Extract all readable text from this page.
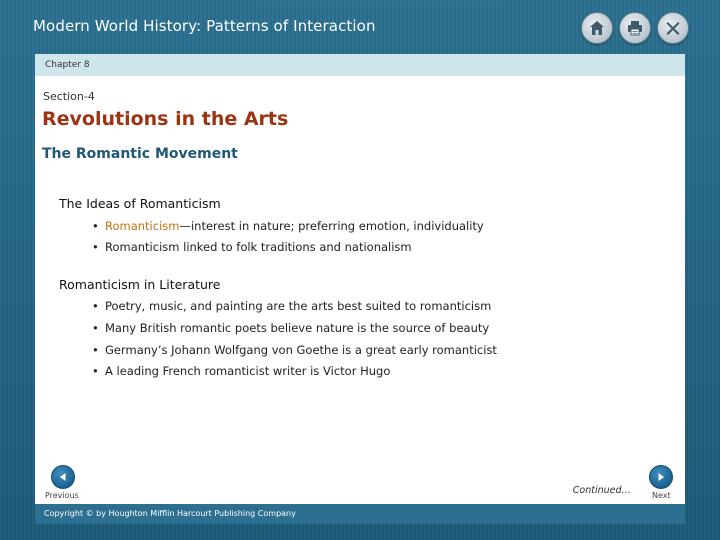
Modern World History: Patterns of Interaction
Chapter 8
Section-4
Revolutions in the Arts
The Romantic Movement
The Ideas of Romanticism
• Romanticism—interest in nature; preferring emotion, individuality
• Romanticism linked to folk traditions and nationalism
Romanticism in Literature
• Poetry, music, and painting are the arts best suited to romanticism
• Many British romantic poets believe nature is the source of beauty
• Germany’s Johann Wolfgang von Goethe is a great early romanticist
• A leading French romanticist writer is Victor Hugo
Previous	Continued…	Next
Copyright © by Houghton Mifflin Harcourt Publishing Company
